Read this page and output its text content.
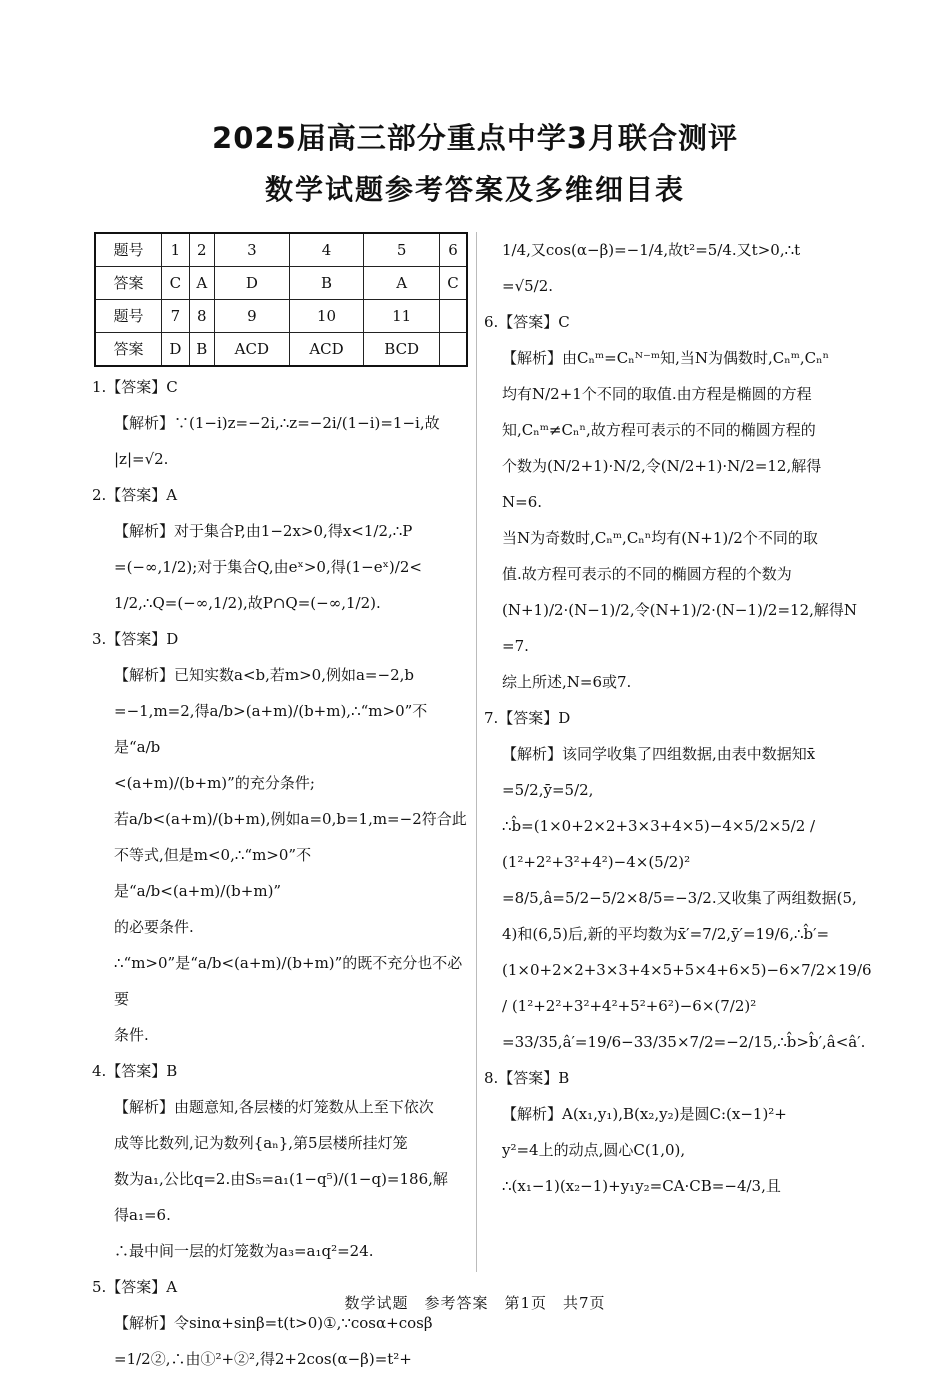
2025届高三部分重点中学3月联合测评
数学试题参考答案及多维细目表
题号	1	2	3	4	5	6
答案	C	A	D	B	A	C
题号	7	8	9	10	11	
答案	D	B	ACD	ACD	BCD	
1.【答案】C
【解析】∵(1−i)z=−2i,∴z=−2i/(1−i)=1−i,故
|z|=√2.
2.【答案】A
【解析】对于集合P,由1−2x>0,得x<1/2,∴P
=(−∞,1/2);对于集合Q,由eˣ>0,得(1−eˣ)/2<
1/2,∴Q=(−∞,1/2),故P∩Q=(−∞,1/2).
3.【答案】D
【解析】已知实数a<b,若m>0,例如a=−2,b
=−1,m=2,得a/b>(a+m)/(b+m),∴“m>0”不是“a/b
<(a+m)/(b+m)”的充分条件;
若a/b<(a+m)/(b+m),例如a=0,b=1,m=−2符合此
不等式,但是m<0,∴“m>0”不是“a/b<(a+m)/(b+m)”
的必要条件.
∴“m>0”是“a/b<(a+m)/(b+m)”的既不充分也不必要
条件.
4.【答案】B
【解析】由题意知,各层楼的灯笼数从上至下依次
成等比数列,记为数列{aₙ},第5层楼所挂灯笼
数为a₁,公比q=2.由S₅=a₁(1−q⁵)/(1−q)=186,解
得a₁=6.
∴最中间一层的灯笼数为a₃=a₁q²=24.
5.【答案】A
【解析】令sinα+sinβ=t(t>0)①,∵cosα+cosβ
=1/2②,∴由①²+②²,得2+2cos(α−β)=t²+
1/4,又cos(α−β)=−1/4,故t²=5/4.又t>0,∴t
=√5/2.
6.【答案】C
【解析】由Cₙᵐ=Cₙᴺ⁻ᵐ知,当N为偶数时,Cₙᵐ,Cₙⁿ
均有N/2+1个不同的取值.由方程是椭圆的方程
知,Cₙᵐ≠Cₙⁿ,故方程可表示的不同的椭圆方程的
个数为(N/2+1)·N/2,令(N/2+1)·N/2=12,解得
N=6.
当N为奇数时,Cₙᵐ,Cₙⁿ均有(N+1)/2个不同的取
值.故方程可表示的不同的椭圆方程的个数为
(N+1)/2·(N−1)/2,令(N+1)/2·(N−1)/2=12,解得N
=7.
综上所述,N=6或7.
7.【答案】D
【解析】该同学收集了四组数据,由表中数据知x̄
=5/2,ȳ=5/2,
∴b̂=(1×0+2×2+3×3+4×5)−4×5/2×5/2 / (1²+2²+3²+4²)−4×(5/2)²
=8/5,â=5/2−5/2×8/5=−3/2.又收集了两组数据(5,
4)和(6,5)后,新的平均数为x̄′=7/2,ȳ′=19/6,∴b̂′=
(1×0+2×2+3×3+4×5+5×4+6×5)−6×7/2×19/6 / (1²+2²+3²+4²+5²+6²)−6×(7/2)²
=33/35,â′=19/6−33/35×7/2=−2/15,∴b̂>b̂′,â<â′.
8.【答案】B
【解析】A(x₁,y₁),B(x₂,y₂)是圆C:(x−1)²+
y²=4上的动点,圆心C(1,0),
∴(x₁−1)(x₂−1)+y₁y₂=CA·CB=−4/3,且
数学试题　参考答案　第1页　共7页
